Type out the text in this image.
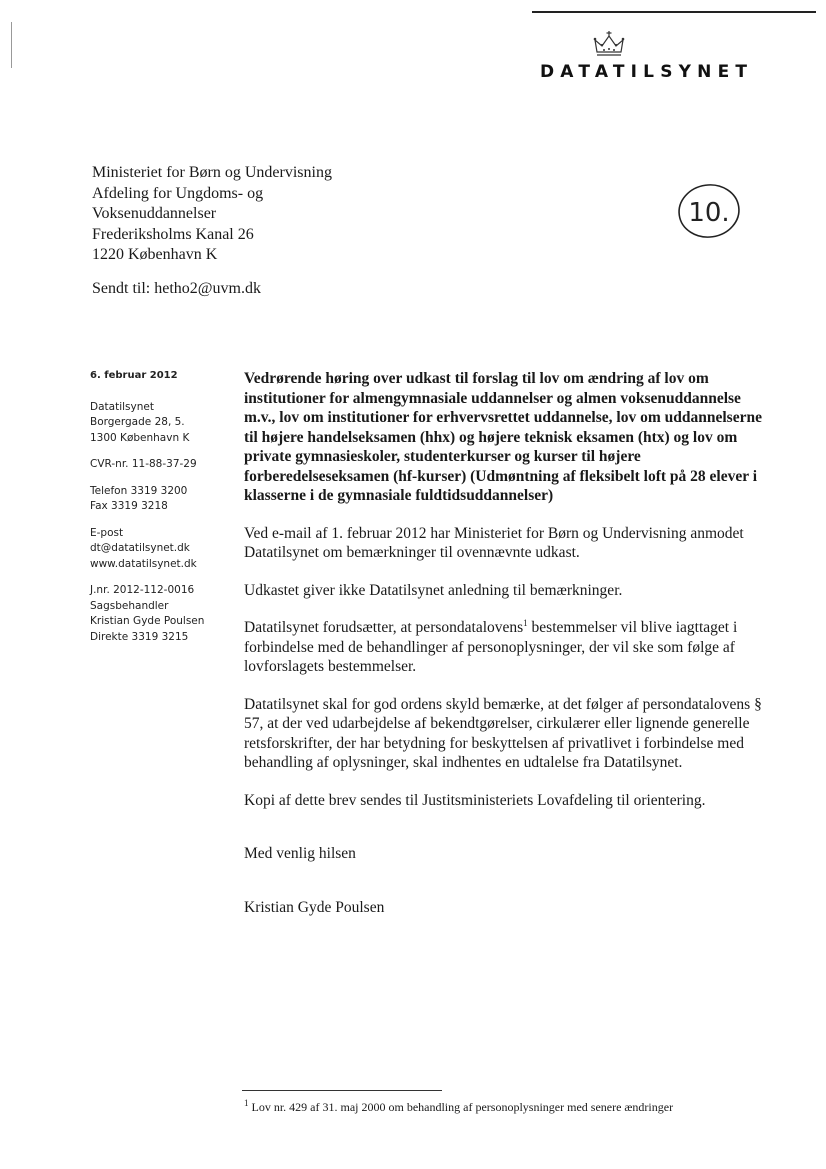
DATATILSYNET
10.
Ministeriet for Børn og Undervisning
Afdeling for Ungdoms- og
Voksenuddannelser
Frederiksholms Kanal 26
1220 København K
Sendt til: hetho2@uvm.dk
6. februar 2012
Datatilsynet
Borgergade 28, 5.
1300 København K
CVR-nr. 11-88-37-29
Telefon 3319 3200
Fax 3319 3218
E-post
dt@datatilsynet.dk
www.datatilsynet.dk
J.nr. 2012-112-0016
Sagsbehandler
Kristian Gyde Poulsen
Direkte 3319 3215

Vedrørende høring over udkast til forslag til lov om ændring af lov om institutioner for almengymnasiale uddannelser og almen voksenuddannelse m.v., lov om institutioner for erhvervsrettet uddannelse, lov om uddannelserne til højere handelseksamen (hhx) og højere teknisk eksamen (htx) og lov om private gymnasieskoler, studenterkurser og kurser til højere forberedelseseksamen (hf-kurser) (Udmøntning af fleksibelt loft på 28 elever i klasserne i de gymnasiale fuldtidsuddannelser)

Ved e-mail af 1. februar 2012 har Ministeriet for Børn og Undervisning anmodet Datatilsynet om bemærkninger til ovennævnte udkast.

Udkastet giver ikke Datatilsynet anledning til bemærkninger.

Datatilsynet forudsætter, at persondatalovens$^1$ bestemmelser vil blive iagttaget i forbindelse med de behandlinger af personoplysninger, der vil ske som følge af lovforslagets bestemmelser.

Datatilsynet skal for god ordens skyld bemærke, at det følger af persondatalovens § 57, at der ved udarbejdelse af bekendtgørelser, cirkulærer eller lignende generelle retsforskrifter, der har betydning for beskyttelsen af privatlivet i forbindelse med behandling af oplysninger, skal indhentes en udtalelse fra Datatilsynet.

Kopi af dette brev sendes til Justitsministeriets Lovafdeling til orientering.

Med venlig hilsen

Kristian Gyde Poulsen

$^1$ Lov nr. 429 af 31. maj 2000 om behandling af personoplysninger med senere ændringer
